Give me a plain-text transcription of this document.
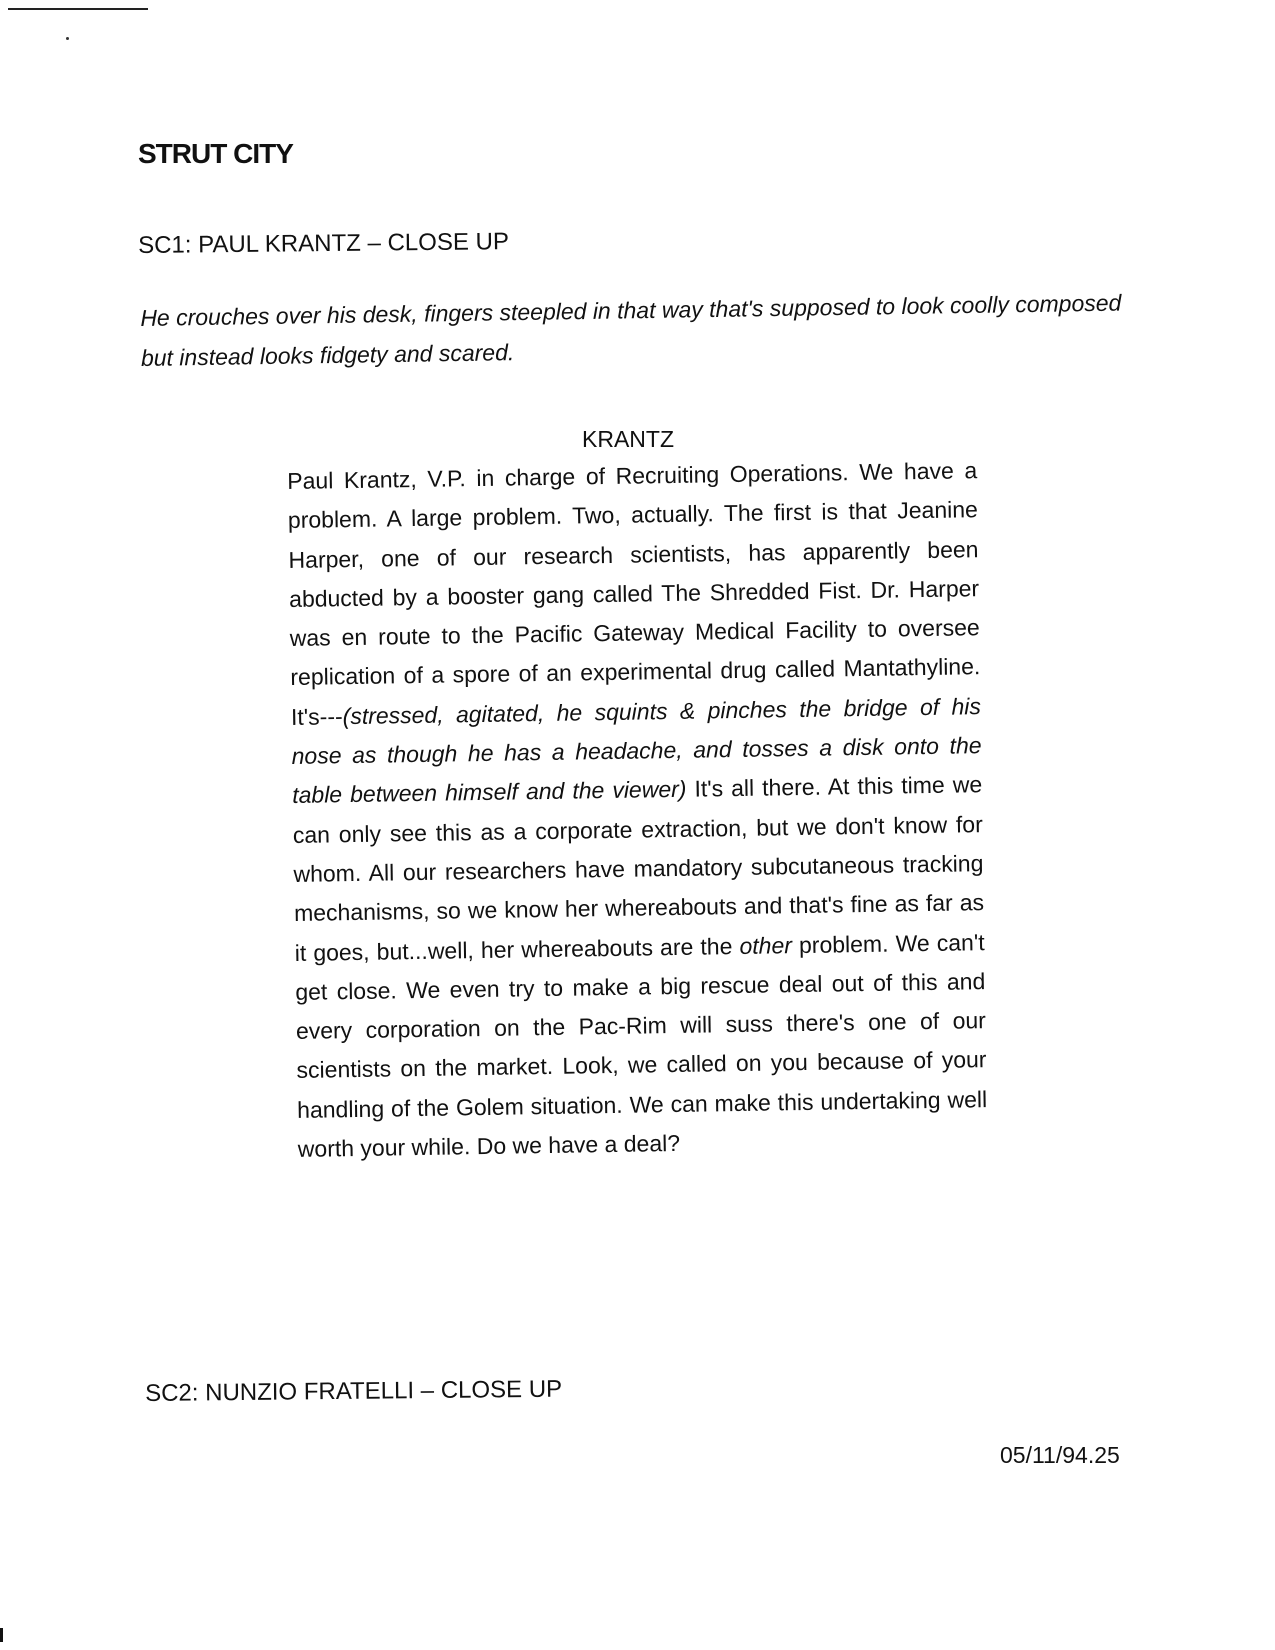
STRUT CITY

SC1: PAUL KRANTZ – CLOSE UP

He crouches over his desk, fingers steepled in that way that's supposed to look coolly composed but instead looks fidgety and scared.

KRANTZ

Paul Krantz, V.P. in charge of Recruiting Operations. We have a problem. A large problem. Two, actually. The first is that Jeanine Harper, one of our research scientists, has apparently been abducted by a booster gang called The Shredded Fist. Dr. Harper was en route to the Pacific Gateway Medical Facility to oversee replication of a spore of an experimental drug called Mantathyline. It's---(stressed, agitated, he squints & pinches the bridge of his nose as though he has a headache, and tosses a disk onto the table between himself and the viewer) It's all there. At this time we can only see this as a corporate extraction, but we don't know for whom. All our researchers have mandatory subcutaneous tracking mechanisms, so we know her whereabouts and that's fine as far as it goes, but...well, her whereabouts are the other problem. We can't get close. We even try to make a big rescue deal out of this and every corporation on the Pac-Rim will suss there's one of our scientists on the market. Look, we called on you because of your handling of the Golem situation. We can make this undertaking well worth your while. Do we have a deal?

SC2: NUNZIO FRATELLI – CLOSE UP

05/11/94.25
